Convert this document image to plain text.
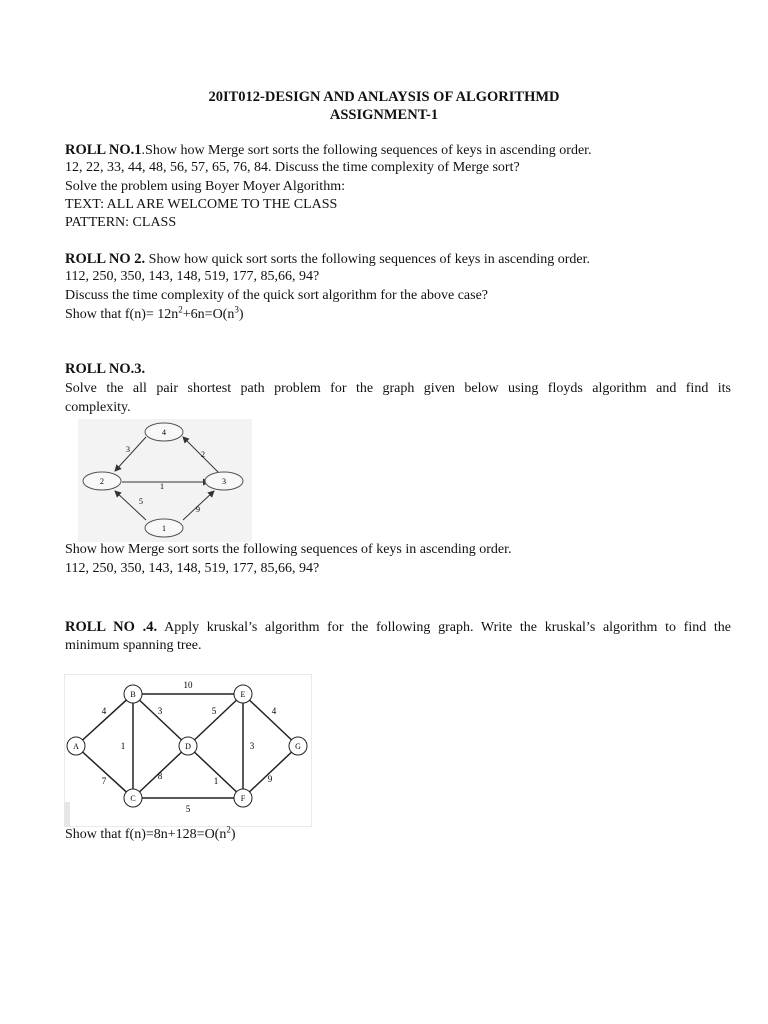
20IT012-DESIGN AND ANLAYSIS OF ALGORITHMD
ASSIGNMENT-1
ROLL NO.1.Show how Merge sort sorts the following sequences of keys in ascending order.
12, 22, 33, 44, 48, 56, 57, 65, 76, 84. Discuss the time complexity of Merge sort?
Solve the problem using Boyer Moyer Algorithm:
TEXT: ALL ARE WELCOME TO THE CLASS
PATTERN: CLASS
ROLL NO 2. Show how quick sort sorts the following sequences of keys in ascending order.
112, 250, 350, 143, 148, 519, 177, 85,66, 94?
Discuss the time complexity of the quick sort algorithm for the above case?
Show that $f(n)= 12n^2+6n=O(n^3)$
ROLL NO.3.
Solve the all pair shortest path problem for the graph given below using floyds algorithm and find its
complexity.
1
2	3
4
3
2
1
5
9
Show how Merge sort sorts the following sequences of keys in ascending order.
112, 250, 350, 143, 148, 519, 177, 85,66, 94?
ROLL NO .4. Apply kruskal’s algorithm for the following graph. Write the kruskal’s algorithm to find the
minimum spanning tree.
A
B
C
D
E
F
G
10
4	3	5	4
1
7	8	1
3
9
5
Show that $f(n)=8n+128=O(n^2)$
